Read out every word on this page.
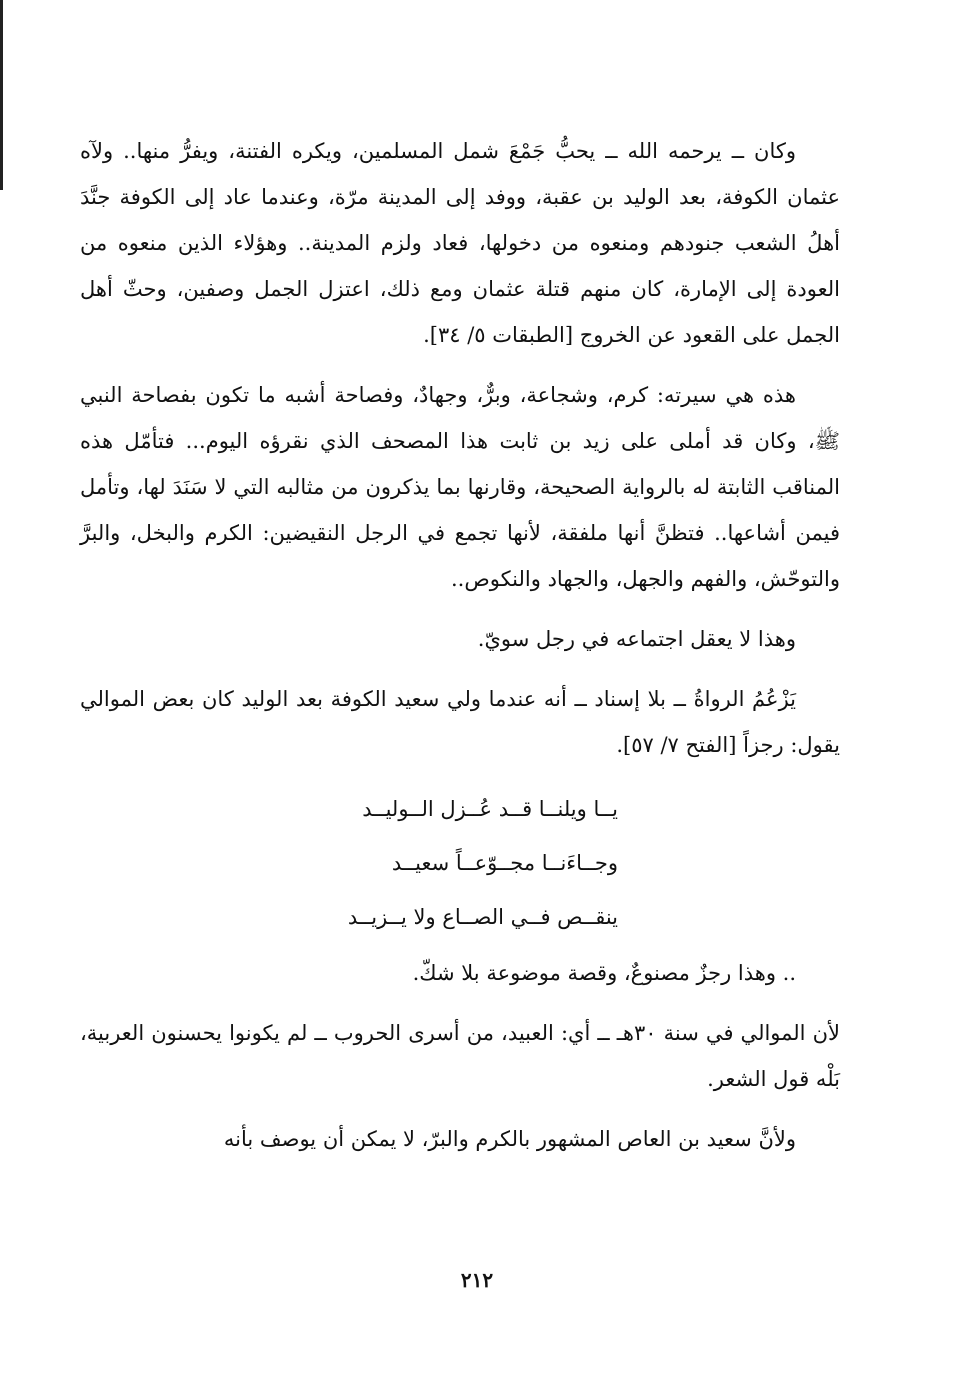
وكان ــ يرحمه الله ــ يحبُّ جَمْعَ شمل المسلمين، ويكره الفتنة، ويفرُّ منها.. ولآه عثمان الكوفة، بعد الوليد بن عقبة، ووفد إلى المدينة مرّة، وعندما عاد إلى الكوفة جنَّدَ أهلُ الشعب جنودهم ومنعوه من دخولها، فعاد ولزم المدينة.. وهؤلاء الذين منعوه من العودة إلى الإمارة، كان منهم قتلة عثمان ومع ذلك، اعتزل الجمل وصفين، وحثّ أهل الجمل على القعود عن الخروج [الطبقات ٥/ ٣٤].

هذه هي سيرته: كرم، وشجاعة، وبرٌّ، وجهادٌ، وفصاحة أشبه ما تكون بفصاحة النبي ﷺ، وكان قد أملى على زيد بن ثابت هذا المصحف الذي نقرؤه اليوم... فتأمّل هذه المناقب الثابتة له بالرواية الصحيحة، وقارنها بما يذكرون من مثالبه التي لا سَنَدَ لها، وتأمل فيمن أشاعها.. فتظنَّ أنها ملفقة، لأنها تجمع في الرجل النقيضين: الكرم والبخل، والبرَّ والتوحّش، والفهم والجهل، والجهاد والنكوص..

وهذا لا يعقل اجتماعه في رجل سويّ.

يَزْعُمُ الرواةُ ــ بلا إسناد ــ أنه عندما ولي سعيد الكوفة بعد الوليد كان بعض الموالي يقول: رجزاً [الفتح ٧/ ٥٧].

يــا ويلنــا قــد عُــزل الــوليــد
وجــاءَنــا مجــوّعــاً سعيــد
ينقــص فــي الصــاع ولا يــزيــد

.. وهذا رجزٌ مصنوعٌ، وقصة موضوعة بلا شكّ.

لأن الموالي في سنة ٣٠هـ ــ أي: العبيد، من أسرى الحروب ــ لم يكونوا يحسنون العربية، بَلْه قول الشعر.

ولأنَّ سعيد بن العاص المشهور بالكرم والبرّ، لا يمكن أن يوصف بأنه

٢١٢
